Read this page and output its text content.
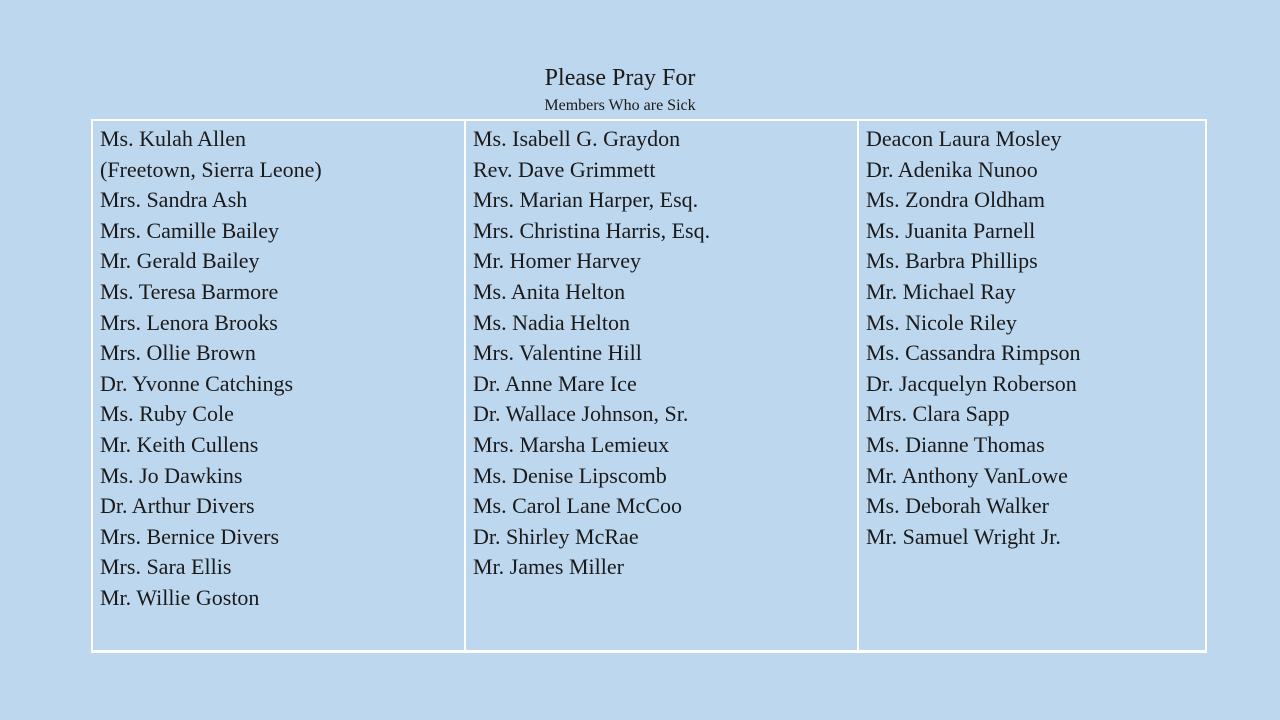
Please Pray For
Members Who are Sick
Ms. Kulah Allen
(Freetown, Sierra Leone)
Mrs. Sandra Ash
Mrs. Camille Bailey
Mr. Gerald Bailey
Ms. Teresa Barmore
Mrs. Lenora Brooks
Mrs. Ollie Brown
Dr. Yvonne Catchings
Ms. Ruby Cole
Mr. Keith Cullens
Ms. Jo Dawkins
Dr. Arthur Divers
Mrs. Bernice Divers
Mrs. Sara Ellis
Mr. Willie Goston
Ms. Isabell G. Graydon
Rev. Dave Grimmett
Mrs. Marian Harper, Esq.
Mrs. Christina Harris, Esq.
Mr. Homer Harvey
Ms. Anita Helton
Ms. Nadia Helton
Mrs. Valentine Hill
Dr. Anne Mare Ice
Dr. Wallace Johnson, Sr.
Mrs. Marsha Lemieux
Ms. Denise Lipscomb
Ms. Carol Lane McCoo
Dr. Shirley McRae
Mr. James Miller
Deacon Laura Mosley
Dr. Adenika Nunoo
Ms. Zondra Oldham
Ms. Juanita Parnell
Ms. Barbra Phillips
Mr. Michael Ray
Ms. Nicole Riley
Ms. Cassandra Rimpson
Dr. Jacquelyn Roberson
Mrs. Clara Sapp
Ms. Dianne Thomas
Mr. Anthony VanLowe
Ms. Deborah Walker
Mr. Samuel Wright Jr.
